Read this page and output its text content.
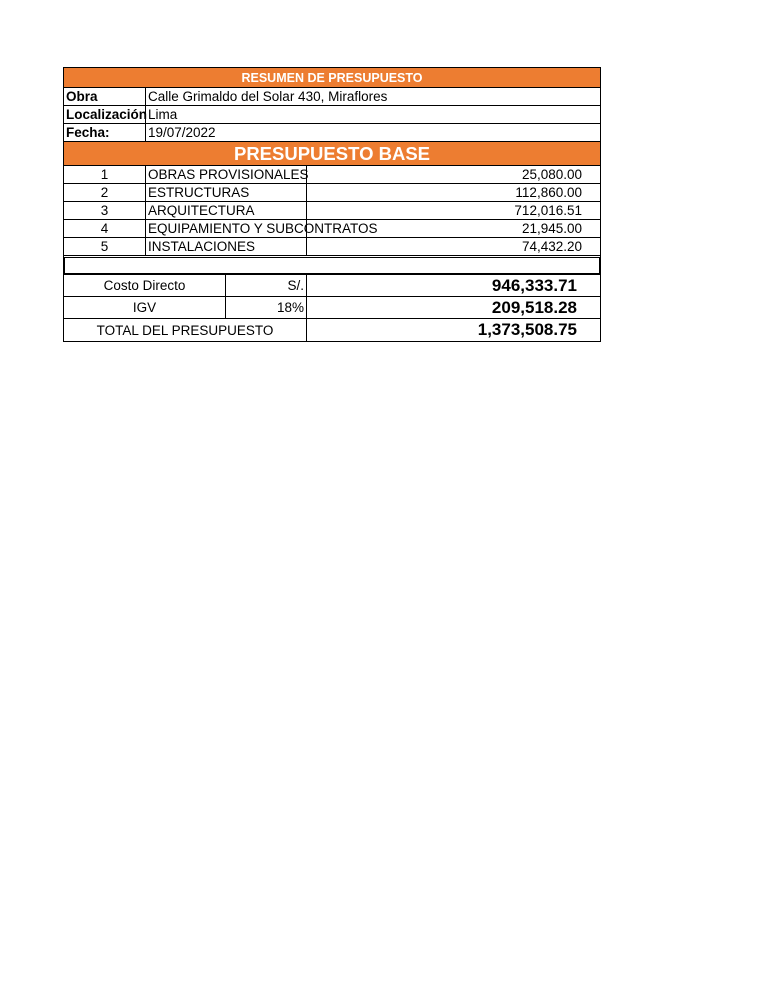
RESUMEN DE PRESUPUESTO
Obra	Calle Grimaldo del Solar 430, Miraflores
Localización Lima
Fecha:	19/07/2022
PRESUPUESTO BASE
1	OBRAS PROVISIONALES	25,080.00
2	ESTRUCTURAS	112,860.00
3	ARQUITECTURA	712,016.51
4	EQUIPAMIENTO Y SUBCONTRATOS	21,945.00
5	INSTALACIONES	74,432.20
Costo Directo	S/.	946,333.71
IGV	18%	209,518.28
TOTAL DEL PRESUPUESTO	1,373,508.75
